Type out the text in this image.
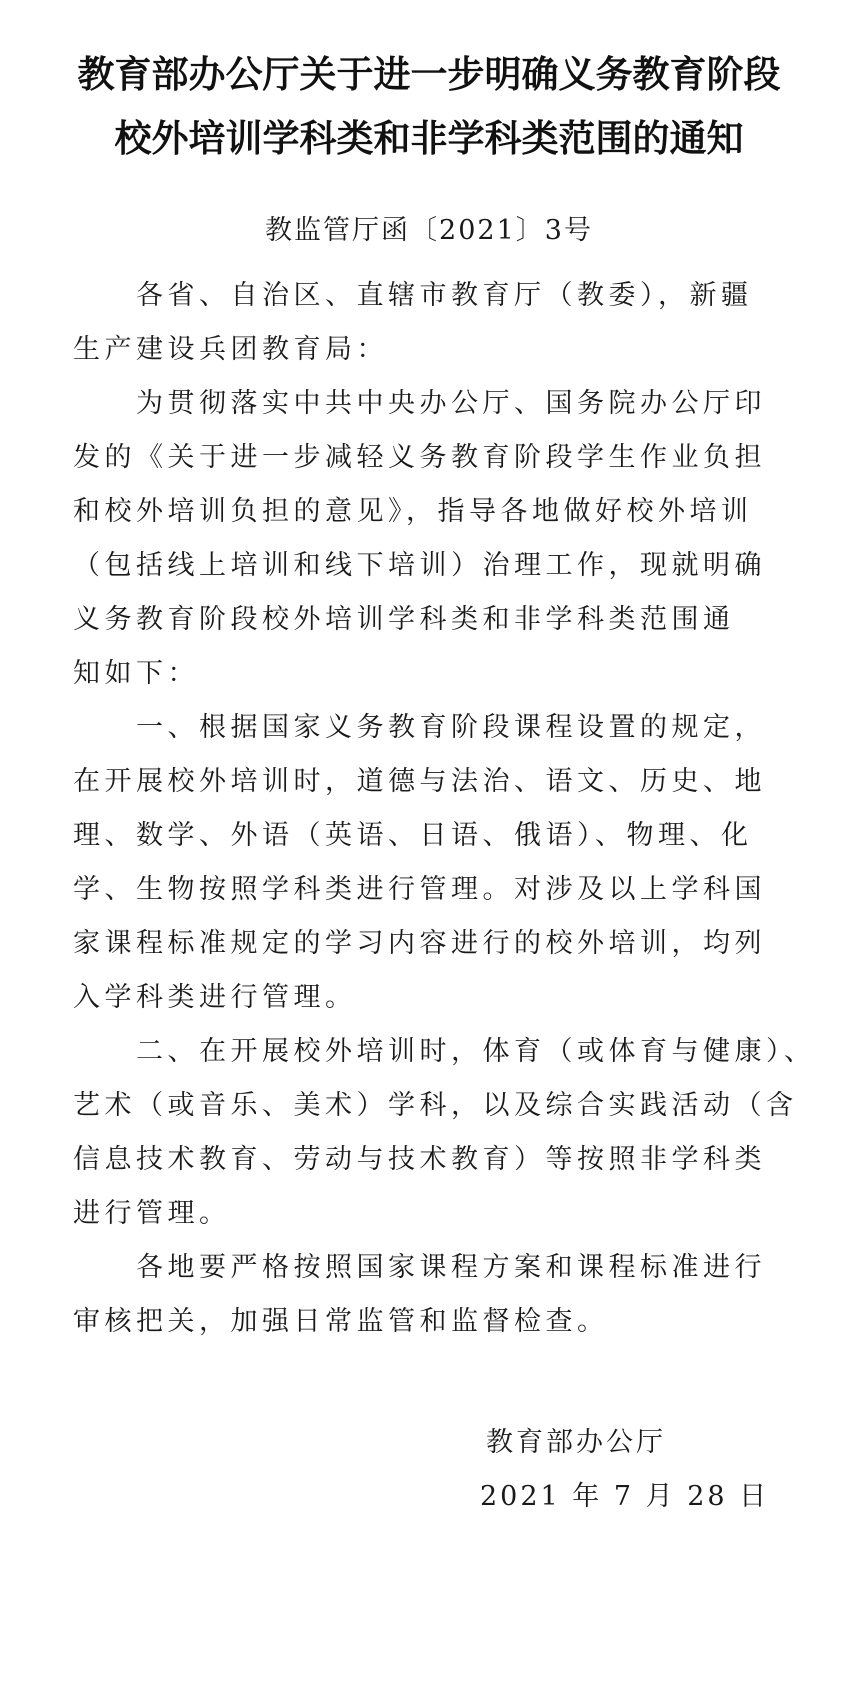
教育部办公厅关于进一步明确义务教育阶段
校外培训学科类和非学科类范围的通知
教监管厅函〔2021〕3号
　　各省、自治区、直辖市教育厅（教委），新疆
生产建设兵团教育局：
　　为贯彻落实中共中央办公厅、国务院办公厅印
发的《关于进一步减轻义务教育阶段学生作业负担
和校外培训负担的意见》，指导各地做好校外培训
（包括线上培训和线下培训）治理工作，现就明确
义务教育阶段校外培训学科类和非学科类范围通
知如下：
　　一、根据国家义务教育阶段课程设置的规定，
在开展校外培训时，道德与法治、语文、历史、地
理、数学、外语（英语、日语、俄语）、物理、化
学、生物按照学科类进行管理。对涉及以上学科国
家课程标准规定的学习内容进行的校外培训，均列
入学科类进行管理。
　　二、在开展校外培训时，体育（或体育与健康）、
艺术（或音乐、美术）学科，以及综合实践活动（含
信息技术教育、劳动与技术教育）等按照非学科类
进行管理。
　　各地要严格按照国家课程方案和课程标准进行
审核把关，加强日常监管和监督检查。
教育部办公厅
2021 年 7 月 28 日
